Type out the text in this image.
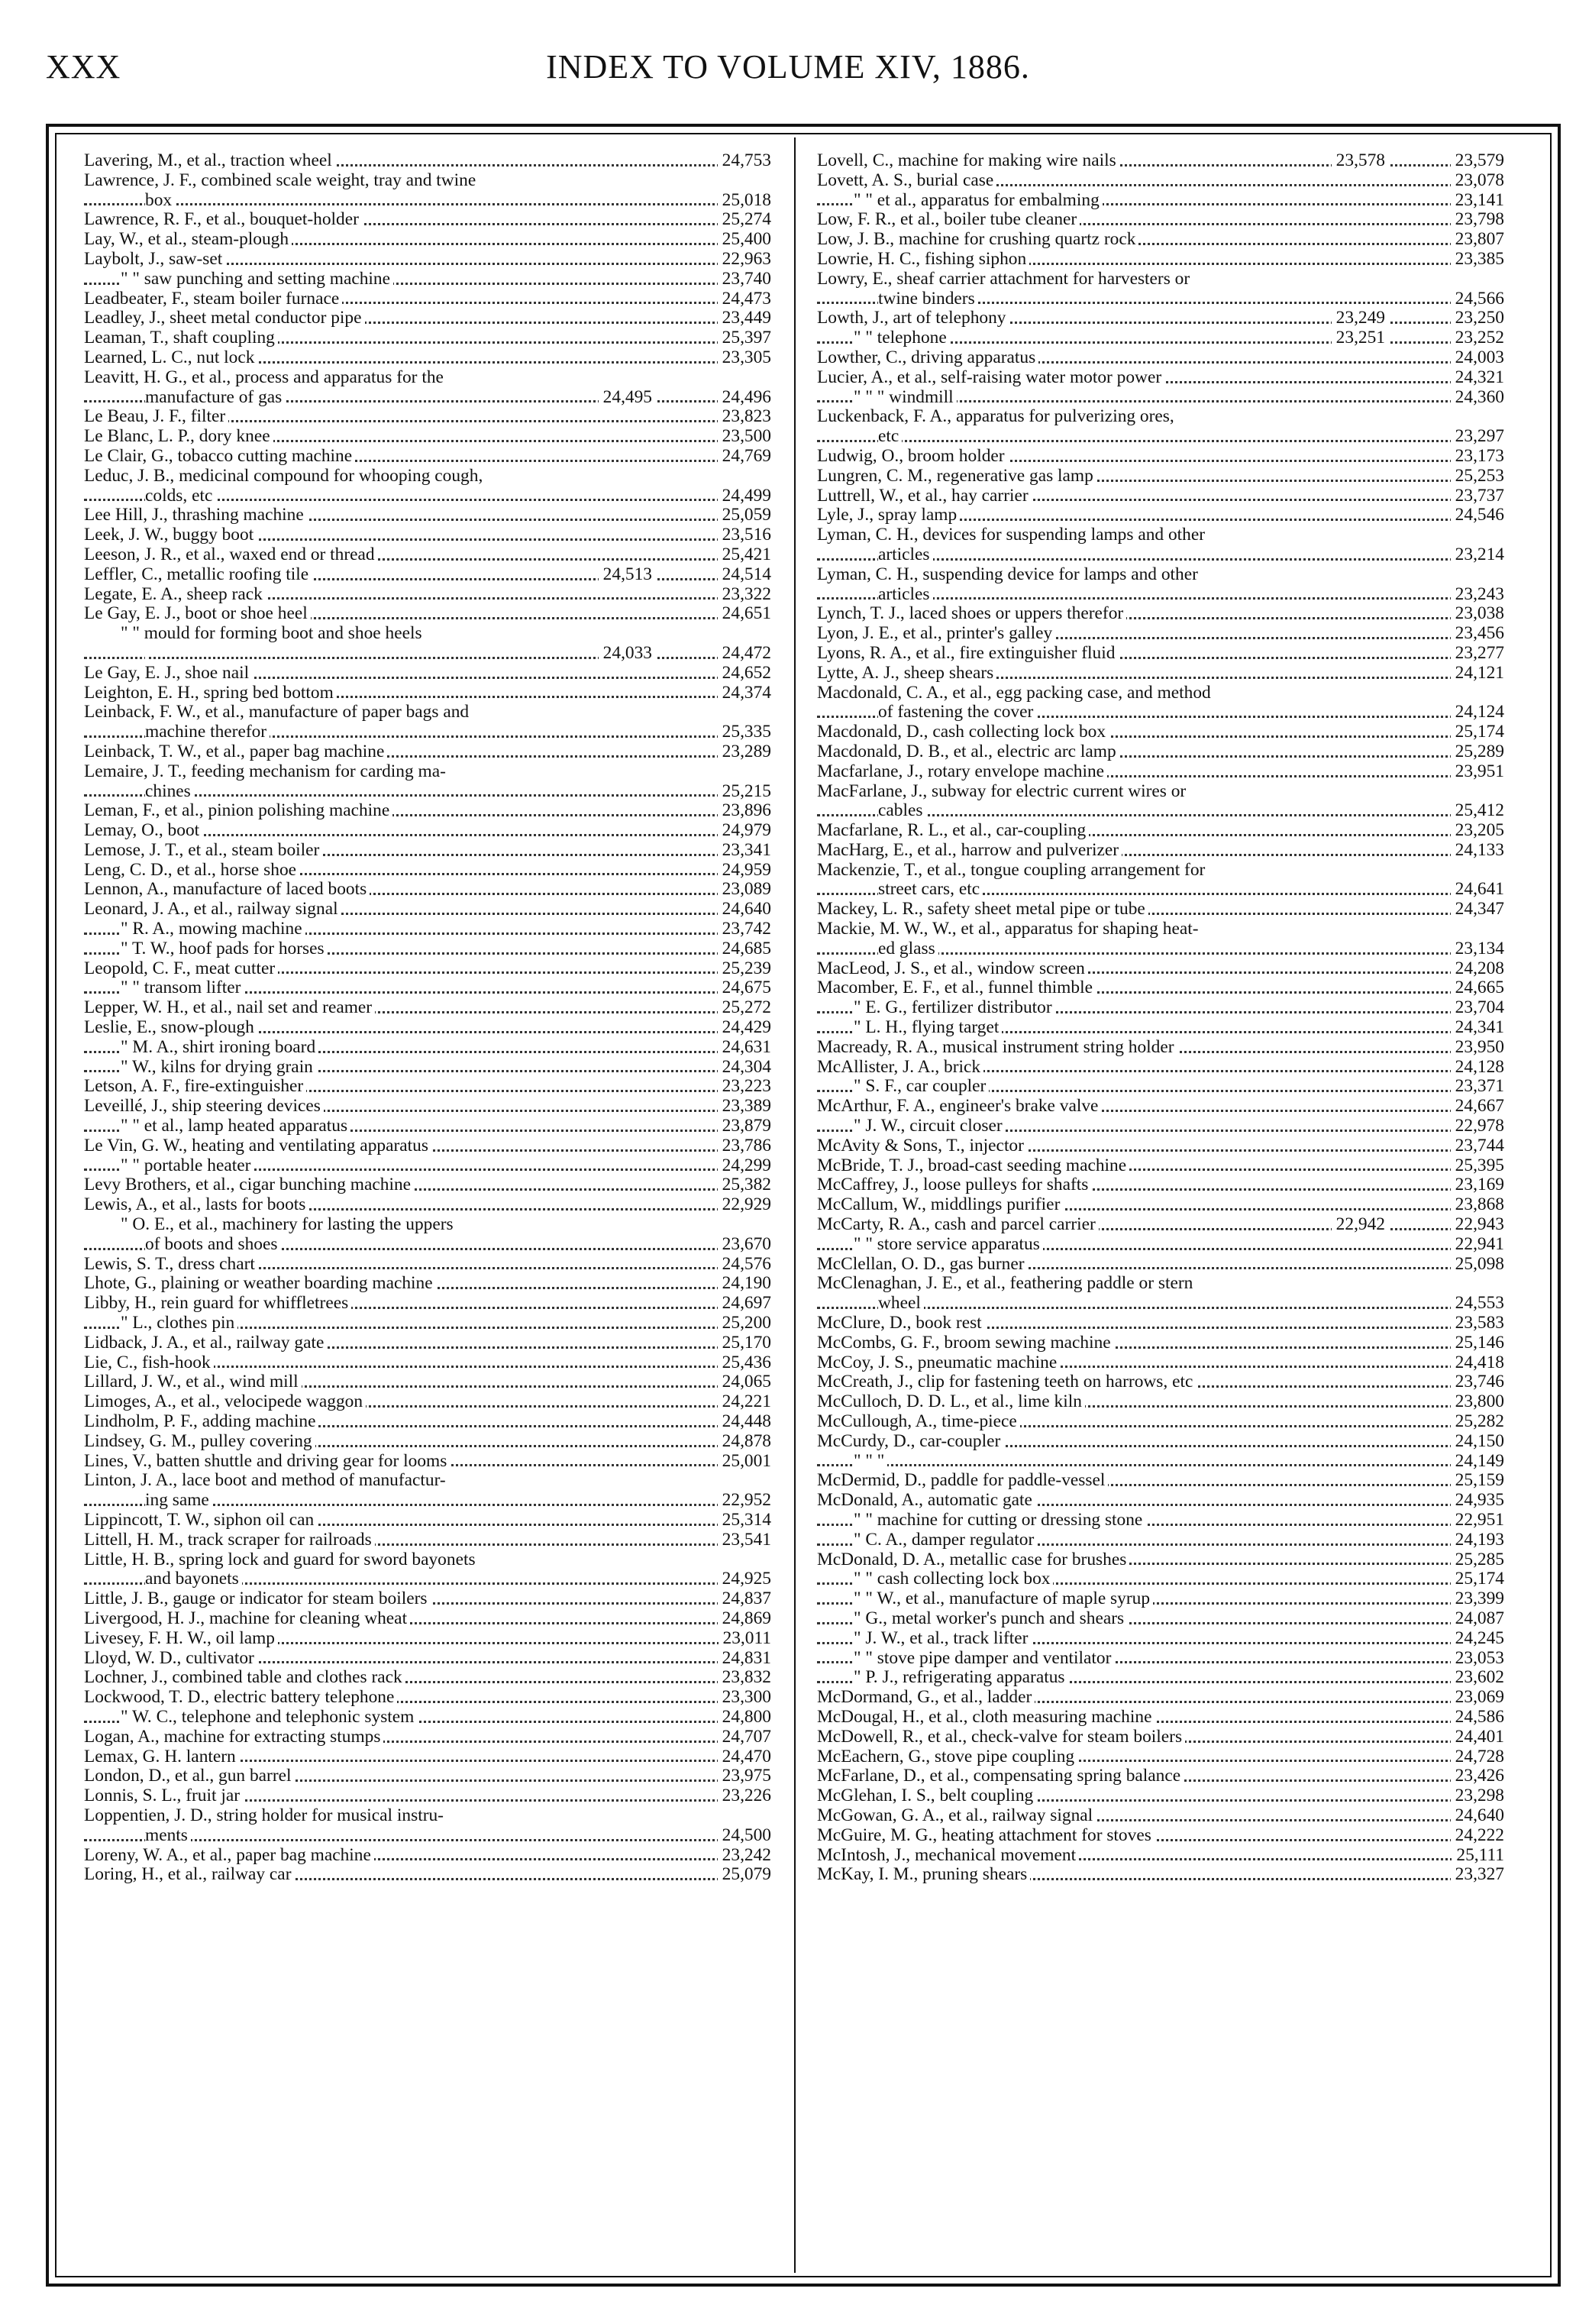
XXX	INDEX TO VOLUME XIV, 1886.
Lavering, M., et al., traction wheel	24,753
Lawrence, J. F., combined scale weight, tray and twine
box	25,018
Lawrence, R. F., et al., bouquet-holder	25,274
Lay, W., et al., steam-plough	25,400
Laybolt, J., saw-set	22,963
" " saw punching and setting machine	23,740
Leadbeater, F., steam boiler furnace	24,473
Leadley, J., sheet metal conductor pipe	23,449
Leaman, T., shaft coupling	25,397
Learned, L. C., nut lock	23,305
Leavitt, H. G., et al., process and apparatus for the
manufacture of gas	24,495	24,496
Le Beau, J. F., filter	23,823
Le Blanc, L. P., dory knee	23,500
Le Clair, G., tobacco cutting machine	24,769
Leduc, J. B., medicinal compound for whooping cough,
colds, etc	24,499
Lee Hill, J., thrashing machine	25,059
Leek, J. W., buggy boot	23,516
Leeson, J. R., et al., waxed end or thread	25,421
Leffler, C., metallic roofing tile	24,513	24,514
Legate, E. A., sheep rack	23,322
Le Gay, E. J., boot or shoe heel	24,651
" " mould for forming boot and shoe heels
24,033	24,472
Le Gay, E. J., shoe nail	24,652
Leighton, E. H., spring bed bottom	24,374
Leinback, F. W., et al., manufacture of paper bags and
machine therefor	25,335
Leinback, T. W., et al., paper bag machine	23,289
Lemaire, J. T., feeding mechanism for carding ma-
chines	25,215
Leman, F., et al., pinion polishing machine	23,896
Lemay, O., boot	24,979
Lemose, J. T., et al., steam boiler	23,341
Leng, C. D., et al., horse shoe	24,959
Lennon, A., manufacture of laced boots	23,089
Leonard, J. A., et al., railway signal	24,640
" R. A., mowing machine	23,742
" T. W., hoof pads for horses	24,685
Leopold, C. F., meat cutter	25,239
" " transom lifter	24,675
Lepper, W. H., et al., nail set and reamer	25,272
Leslie, E., snow-plough	24,429
" M. A., shirt ironing board	24,631
" W., kilns for drying grain	24,304
Letson, A. F., fire-extinguisher	23,223
Leveillé, J., ship steering devices	23,389
" " et al., lamp heated apparatus	23,879
Le Vin, G. W., heating and ventilating apparatus	23,786
" " portable heater	24,299
Levy Brothers, et al., cigar bunching machine	25,382
Lewis, A., et al., lasts for boots	22,929
" O. E., et al., machinery for lasting the uppers
of boots and shoes	23,670
Lewis, S. T., dress chart	24,576
Lhote, G., plaining or weather boarding machine	24,190
Libby, H., rein guard for whiffletrees	24,697
" L., clothes pin	25,200
Lidback, J. A., et al., railway gate	25,170
Lie, C., fish-hook	25,436
Lillard, J. W., et al., wind mill	24,065
Limoges, A., et al., velocipede waggon	24,221
Lindholm, P. F., adding machine	24,448
Lindsey, G. M., pulley covering	24,878
Lines, V., batten shuttle and driving gear for looms	25,001
Linton, J. A., lace boot and method of manufactur-
ing same	22,952
Lippincott, T. W., siphon oil can	25,314
Littell, H. M., track scraper for railroads	23,541
Little, H. B., spring lock and guard for sword bayonets
and bayonets	24,925
Little, J. B., gauge or indicator for steam boilers	24,837
Livergood, H. J., machine for cleaning wheat	24,869
Livesey, F. H. W., oil lamp	23,011
Lloyd, W. D., cultivator	24,831
Lochner, J., combined table and clothes rack	23,832
Lockwood, T. D., electric battery telephone	23,300
" W. C., telephone and telephonic system	24,800
Logan, A., machine for extracting stumps	24,707
Lemax, G. H. lantern	24,470
London, D., et al., gun barrel	23,975
Lonnis, S. L., fruit jar	23,226
Loppentien, J. D., string holder for musical instru-
ments	24,500
Loreny, W. A., et al., paper bag machine	23,242
Loring, H., et al., railway car	25,079
Lovell, C., machine for making wire nails	23,578	23,579
Lovett, A. S., burial case	23,078
" " et al., apparatus for embalming	23,141
Low, F. R., et al., boiler tube cleaner	23,798
Low, J. B., machine for crushing quartz rock	23,807
Lowrie, H. C., fishing siphon	23,385
Lowry, E., sheaf carrier attachment for harvesters or
twine binders	24,566
Lowth, J., art of telephony	23,249	23,250
" " telephone	23,251	23,252
Lowther, C., driving apparatus	24,003
Lucier, A., et al., self-raising water motor power	24,321
" " " windmill	24,360
Luckenback, F. A., apparatus for pulverizing ores,
etc	23,297
Ludwig, O., broom holder	23,173
Lungren, C. M., regenerative gas lamp	25,253
Luttrell, W., et al., hay carrier	23,737
Lyle, J., spray lamp	24,546
Lyman, C. H., devices for suspending lamps and other
articles	23,214
Lyman, C. H., suspending device for lamps and other
articles	23,243
Lynch, T. J., laced shoes or uppers therefor	23,038
Lyon, J. E., et al., printer's galley	23,456
Lyons, R. A., et al., fire extinguisher fluid	23,277
Lytte, A. J., sheep shears	24,121
Macdonald, C. A., et al., egg packing case, and method
of fastening the cover	24,124
Macdonald, D., cash collecting lock box	25,174
Macdonald, D. B., et al., electric arc lamp	25,289
Macfarlane, J., rotary envelope machine	23,951
MacFarlane, J., subway for electric current wires or
cables	25,412
Macfarlane, R. L., et al., car-coupling	23,205
MacHarg, E., et al., harrow and pulverizer	24,133
Mackenzie, T., et al., tongue coupling arrangement for
street cars, etc	24,641
Mackey, L. R., safety sheet metal pipe or tube	24,347
Mackie, M. W., W., et al., apparatus for shaping heat-
ed glass	23,134
MacLeod, J. S., et al., window screen	24,208
Macomber, E. F., et al., funnel thimble	24,665
" E. G., fertilizer distributor	23,704
" L. H., flying target	24,341
Macready, R. A., musical instrument string holder	23,950
McAllister, J. A., brick	24,128
" S. F., car coupler	23,371
McArthur, F. A., engineer's brake valve	24,667
" J. W., circuit closer	22,978
McAvity & Sons, T., injector	23,744
McBride, T. J., broad-cast seeding machine	25,395
McCaffrey, J., loose pulleys for shafts	23,169
McCallum, W., middlings purifier	23,868
McCarty, R. A., cash and parcel carrier	22,942	22,943
" " store service apparatus	22,941
McClellan, O. D., gas burner	25,098
McClenaghan, J. E., et al., feathering paddle or stern
wheel	24,553
McClure, D., book rest	23,583
McCombs, G. F., broom sewing machine	25,146
McCoy, J. S., pneumatic machine	24,418
McCreath, J., clip for fastening teeth on harrows, etc	23,746
McCulloch, D. D. L., et al., lime kiln	23,800
McCullough, A., time-piece	25,282
McCurdy, D., car-coupler	24,150
" " "	24,149
McDermid, D., paddle for paddle-vessel	25,159
McDonald, A., automatic gate	24,935
" " machine for cutting or dressing stone	22,951
" C. A., damper regulator	24,193
McDonald, D. A., metallic case for brushes	25,285
" " cash collecting lock box	25,174
" " W., et al., manufacture of maple syrup	23,399
" G., metal worker's punch and shears	24,087
" J. W., et al., track lifter	24,245
" " stove pipe damper and ventilator	23,053
" P. J., refrigerating apparatus	23,602
McDormand, G., et al., ladder	23,069
McDougal, H., et al., cloth measuring machine	24,586
McDowell, R., et al., check-valve for steam boilers	24,401
McEachern, G., stove pipe coupling	24,728
McFarlane, D., et al., compensating spring balance	23,426
McGlehan, I. S., belt coupling	23,298
McGowan, G. A., et al., railway signal	24,640
McGuire, M. G., heating attachment for stoves	24,222
McIntosh, J., mechanical movement	25,111
McKay, I. M., pruning shears	23,327
